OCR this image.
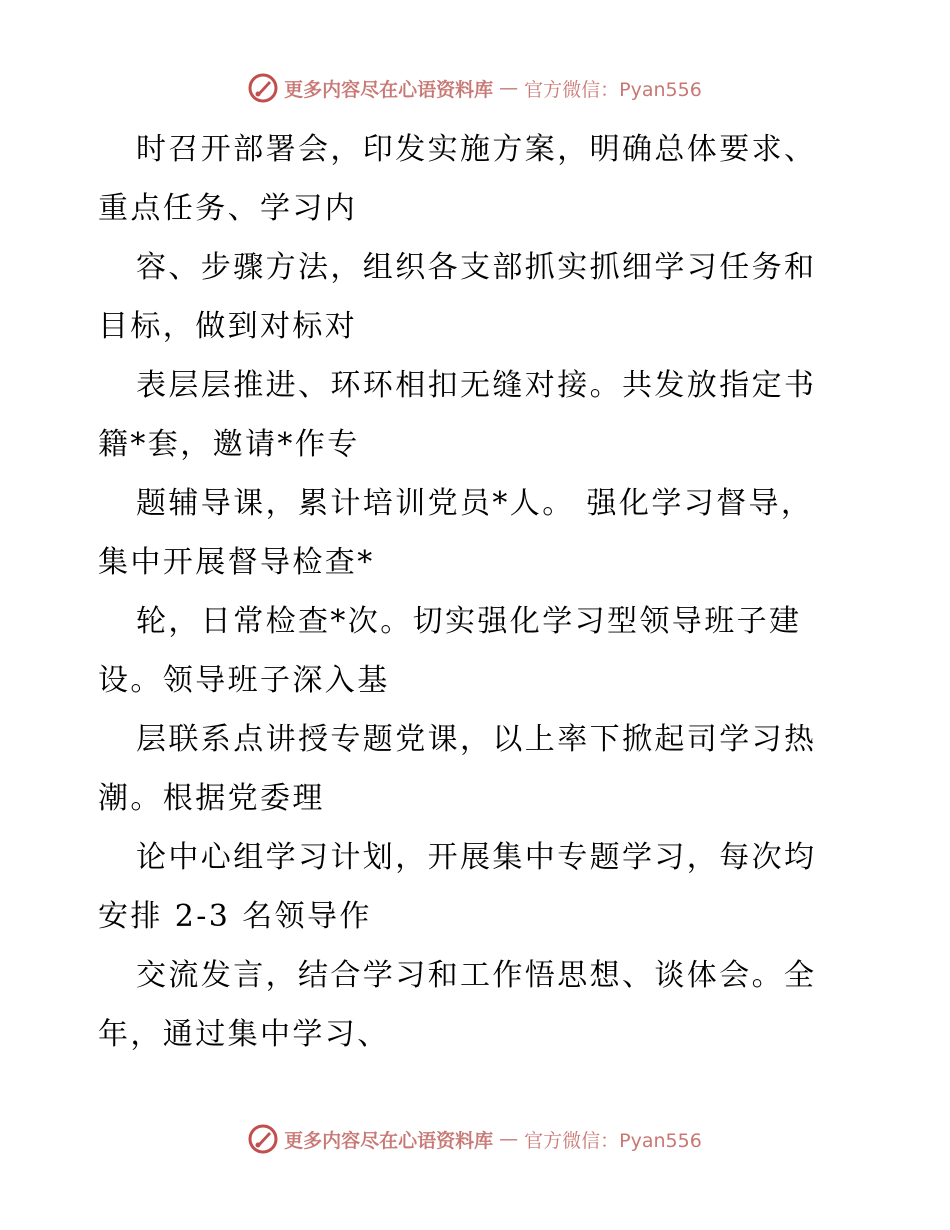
更多内容尽在心语资料库 — 官方微信：Pyan556
时召开部署会，印发实施方案，明确总体要求、
重点任务、学习内
容、步骤方法，组织各支部抓实抓细学习任务和
目标，做到对标对
表层层推进、环环相扣无缝对接。共发放指定书
籍*套，邀请*作专
题辅导课，累计培训党员*人。 强化学习督导，
集中开展督导检查*
轮，日常检查*次。切实强化学习型领导班子建
设。领导班子深入基
层联系点讲授专题党课，以上率下掀起司学习热
潮。根据党委理
论中心组学习计划，开展集中专题学习，每次均
安排 2-3 名领导作
交流发言，结合学习和工作悟思想、谈体会。全
年，通过集中学习、
更多内容尽在心语资料库 — 官方微信：Pyan556
